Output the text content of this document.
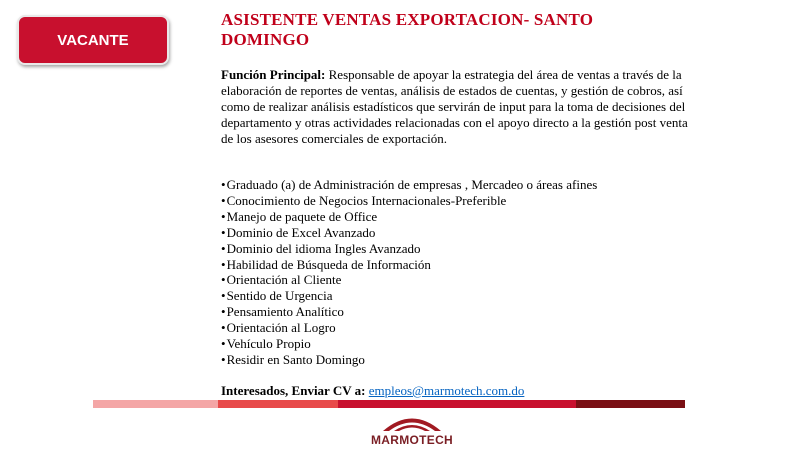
VACANTE
ASISTENTE VENTAS EXPORTACION- SANTO DOMINGO

Función Principal: Responsable de apoyar la estrategia del área de ventas a través de la elaboración de reportes de ventas, análisis de estados de cuentas, y gestión de cobros, así como de realizar análisis estadísticos que servirán de input para la toma de decisiones del departamento y otras actividades relacionadas con el apoyo directo a la gestión post venta de los asesores comerciales de exportación.

• Graduado (a) de Administración de empresas , Mercadeo o áreas afines
• Conocimiento de Negocios Internacionales-Preferible
• Manejo de paquete de Office
• Dominio de Excel Avanzado
• Dominio del idioma Ingles Avanzado
• Habilidad de Búsqueda de Información
• Orientación al Cliente
• Sentido de Urgencia
• Pensamiento Analítico
• Orientación al Logro
• Vehículo Propio
• Residir en Santo Domingo

Interesados, Enviar CV a: empleos@marmotech.com.do

MARMOTECH
